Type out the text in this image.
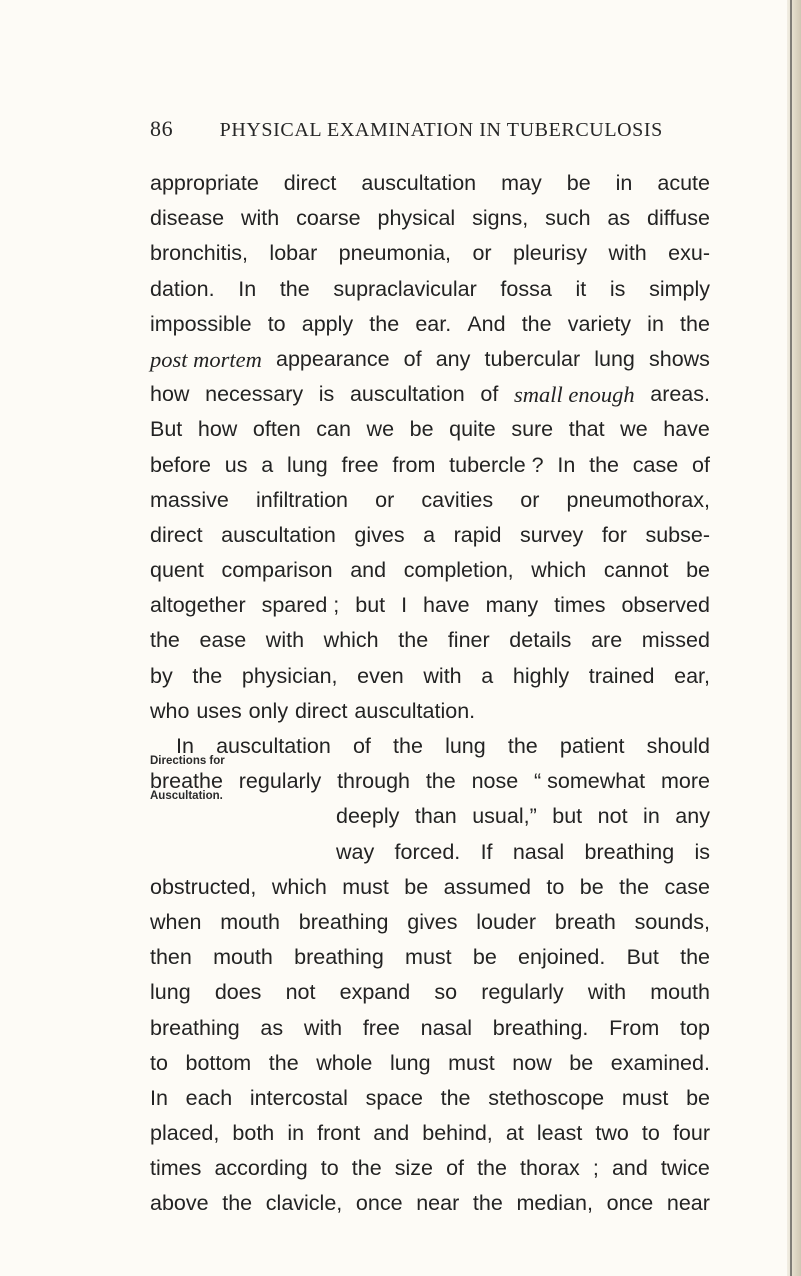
86 PHYSICAL EXAMINATION IN TUBERCULOSIS
Directions for
Auscultation.
appropriate direct auscultation may be in acute
disease with coarse physical signs, such as diffuse
bronchitis, lobar pneumonia, or pleurisy with exu-
dation. In the supraclavicular fossa it is simply
impossible to apply the ear. And the variety in the
post mortem appearance of any tubercular lung shows
how necessary is auscultation of small enough areas.
But how often can we be quite sure that we have
before us a lung free from tubercle ? In the case of
massive infiltration or cavities or pneumothorax,
direct auscultation gives a rapid survey for subse-
quent comparison and completion, which cannot be
altogether spared ; but I have many times observed
the ease with which the finer details are missed
by the physician, even with a highly trained ear,
who uses only direct auscultation.
In auscultation of the lung the patient should
breathe regularly through the nose “ somewhat more
deeply than usual,” but not in any
way forced. If nasal breathing is
obstructed, which must be assumed to be the case
when mouth breathing gives louder breath sounds,
then mouth breathing must be enjoined. But the
lung does not expand so regularly with mouth
breathing as with free nasal breathing. From top
to bottom the whole lung must now be examined.
In each intercostal space the stethoscope must be
placed, both in front and behind, at least two to four
times according to the size of the thorax ; and twice
above the clavicle, once near the median, once near
